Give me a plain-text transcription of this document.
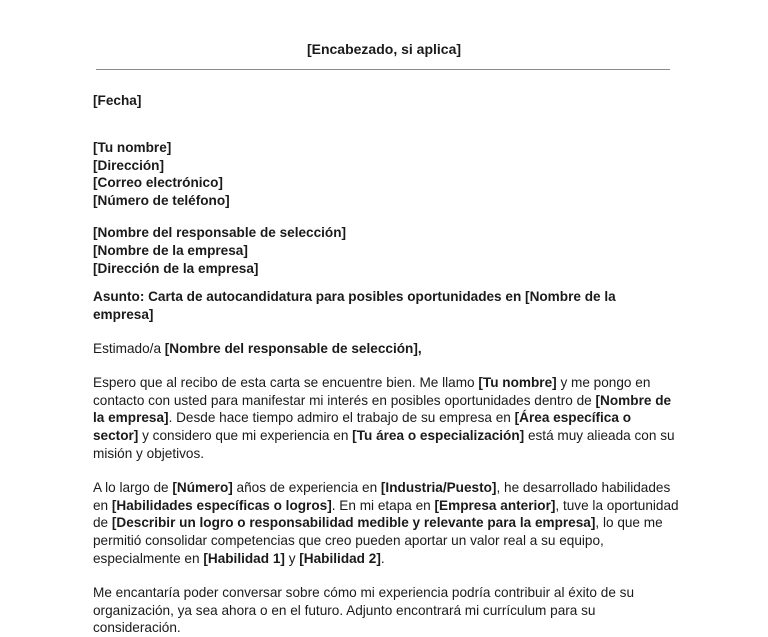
[Encabezado, si aplica]

[Fecha]

[Tu nombre]
[Dirección]
[Correo electrónico]
[Número de teléfono]
[Nombre del responsable de selección]
[Nombre de la empresa]
[Dirección de la empresa]

Asunto: Carta de autocandidatura para posibles oportunidades en [Nombre de la empresa]

Estimado/a [Nombre del responsable de selección],

Espero que al recibo de esta carta se encuentre bien. Me llamo [Tu nombre] y me pongo en contacto con usted para manifestar mi interés en posibles oportunidades dentro de [Nombre de la empresa]. Desde hace tiempo admiro el trabajo de su empresa en [Área específica o sector] y considero que mi experiencia en [Tu área o especialización] está muy alieada con su misión y objetivos.

A lo largo de [Número] años de experiencia en [Industria/Puesto], he desarrollado habilidades en [Habilidades específicas o logros]. En mi etapa en [Empresa anterior], tuve la oportunidad de [Describir un logro o responsabilidad medible y relevante para la empresa], lo que me permitió consolidar competencias que creo pueden aportar un valor real a su equipo, especialmente en [Habilidad 1] y [Habilidad 2].

Me encantaría poder conversar sobre cómo mi experiencia podría contribuir al éxito de su organización, ya sea ahora o en el futuro. Adjunto encontrará mi currículum para su consideración.
